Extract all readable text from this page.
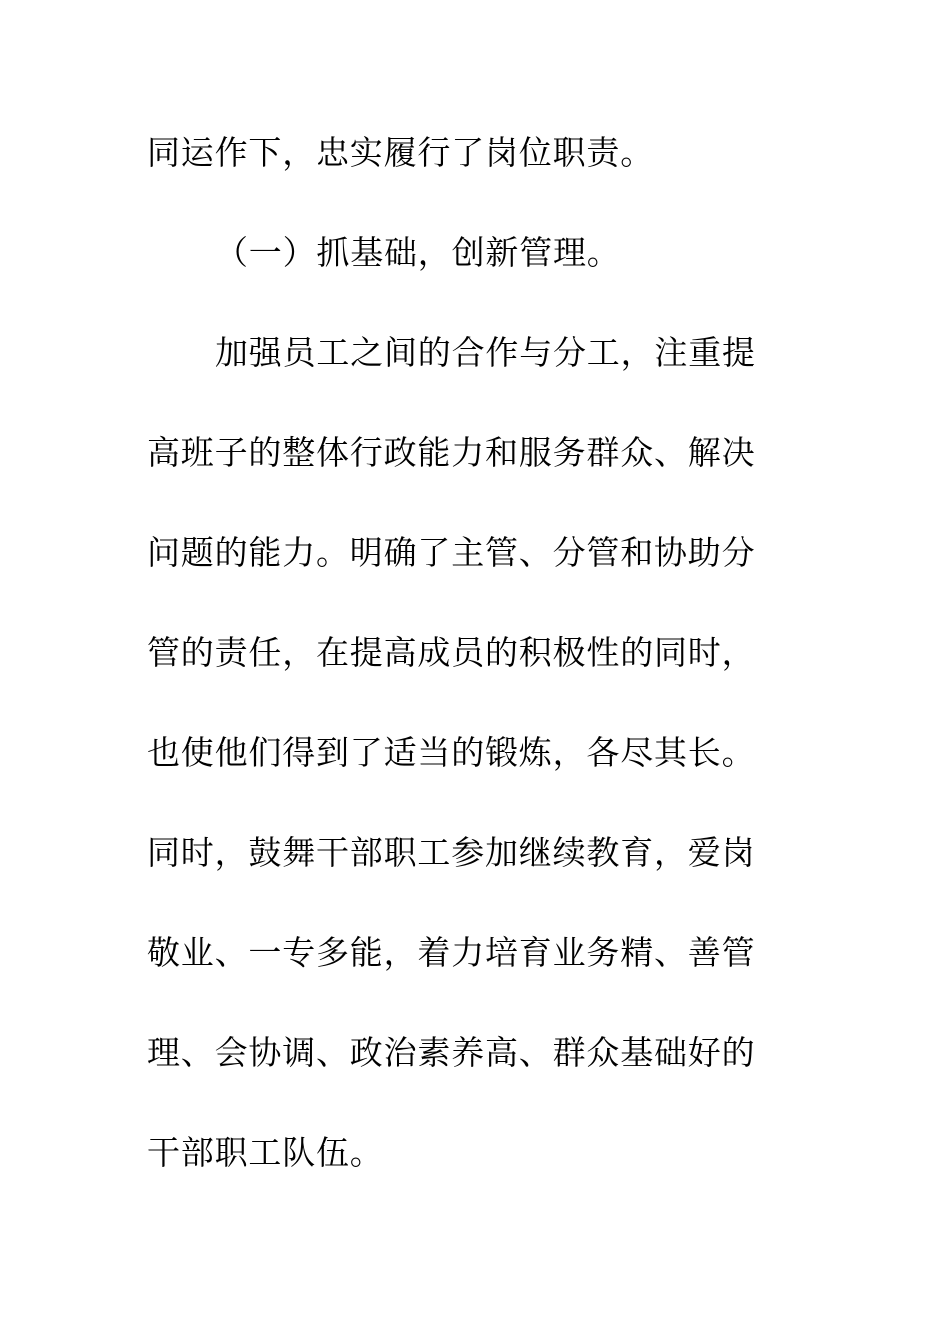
同运作下，忠实履行了岗位职责。
（一）抓基础，创新管理。
加强员工之间的合作与分工，注重提
高班子的整体行政能力和服务群众、解决
问题的能力。明确了主管、分管和协助分
管的责任，在提高成员的积极性的同时，
也使他们得到了适当的锻炼，各尽其长。
同时，鼓舞干部职工参加继续教育，爱岗
敬业、一专多能，着力培育业务精、善管
理、会协调、政治素养高、群众基础好的
干部职工队伍。
